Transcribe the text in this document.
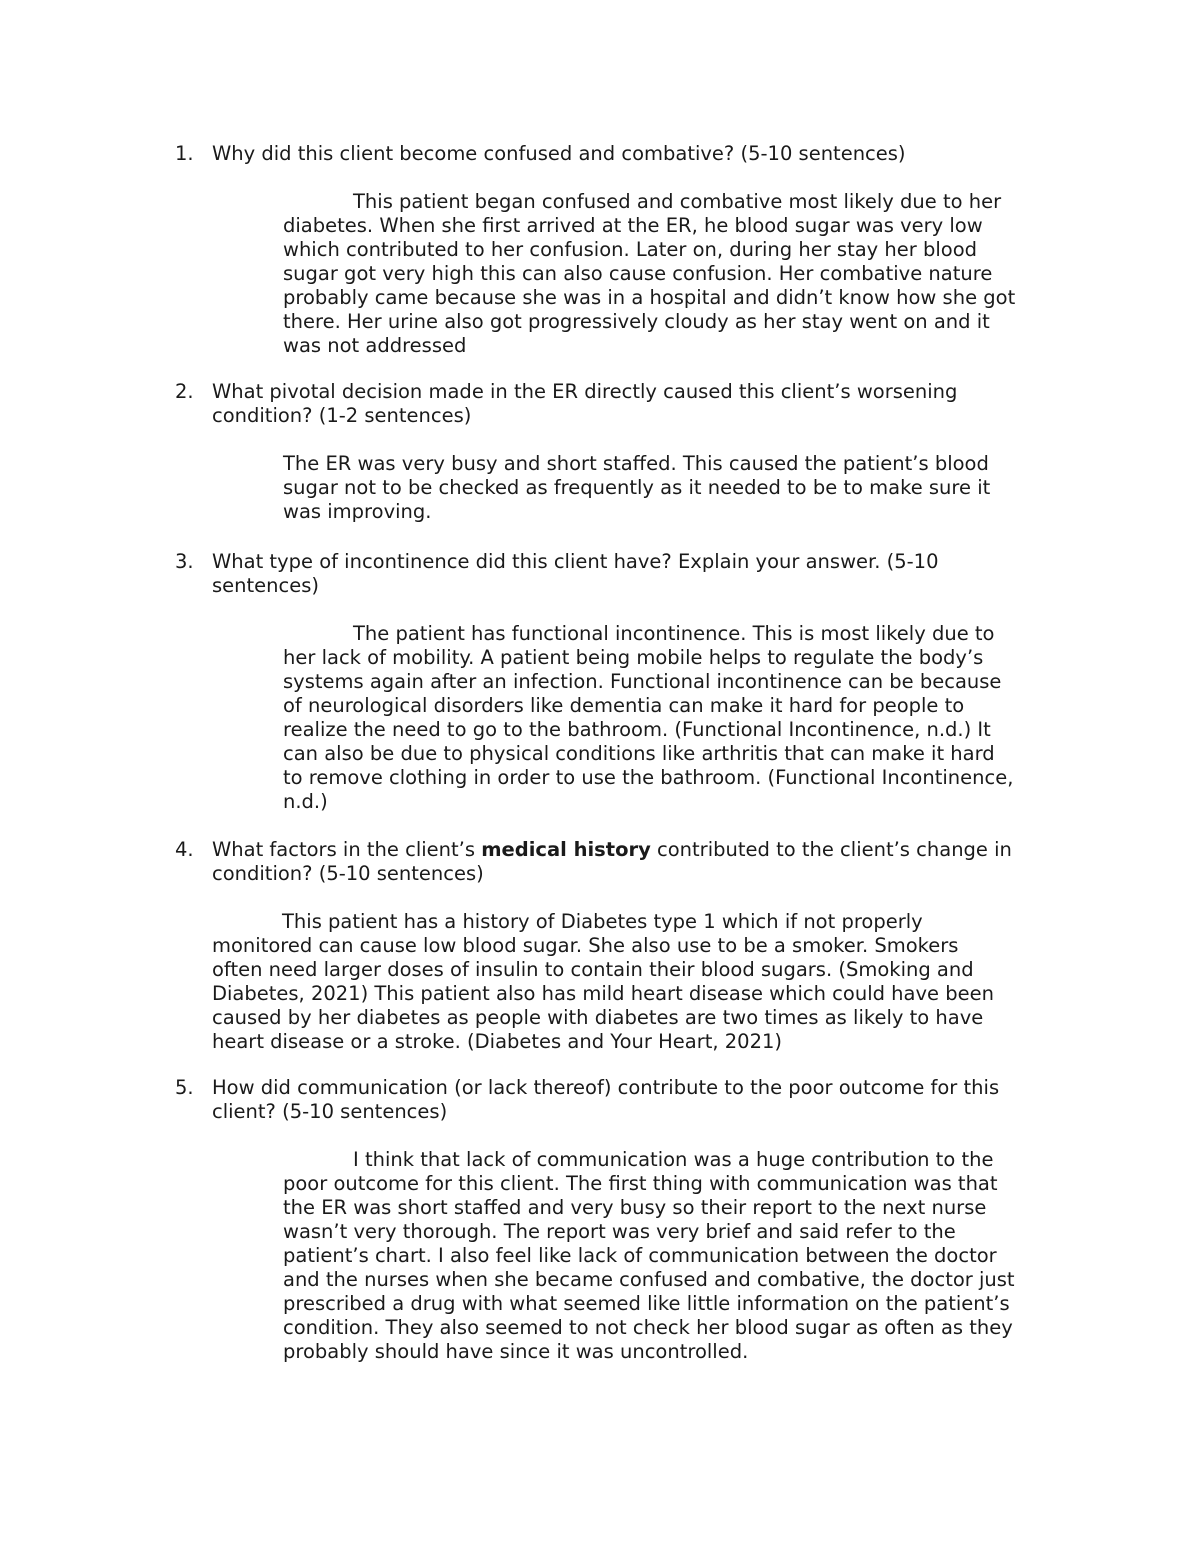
1. Why did this client become confused and combative? (5-10 sentences)
This patient began confused and combative most likely due to her
diabetes. When she first arrived at the ER, he blood sugar was very low
which contributed to her confusion. Later on, during her stay her blood
sugar got very high this can also cause confusion. Her combative nature
probably came because she was in a hospital and didn’t know how she got
there. Her urine also got progressively cloudy as her stay went on and it
was not addressed
2. What pivotal decision made in the ER directly caused this client’s worsening
condition? (1-2 sentences)
The ER was very busy and short staffed. This caused the patient’s blood
sugar not to be checked as frequently as it needed to be to make sure it
was improving.
3. What type of incontinence did this client have? Explain your answer. (5-10
sentences)
The patient has functional incontinence. This is most likely due to
her lack of mobility. A patient being mobile helps to regulate the body’s
systems again after an infection. Functional incontinence can be because
of neurological disorders like dementia can make it hard for people to
realize the need to go to the bathroom. (Functional Incontinence, n.d.) It
can also be due to physical conditions like arthritis that can make it hard
to remove clothing in order to use the bathroom. (Functional Incontinence,
n.d.)
4. What factors in the client’s medical history contributed to the client’s change in
condition? (5-10 sentences)
This patient has a history of Diabetes type 1 which if not properly
monitored can cause low blood sugar. She also use to be a smoker. Smokers
often need larger doses of insulin to contain their blood sugars. (Smoking and
Diabetes, 2021) This patient also has mild heart disease which could have been
caused by her diabetes as people with diabetes are two times as likely to have
heart disease or a stroke. (Diabetes and Your Heart, 2021)
5. How did communication (or lack thereof) contribute to the poor outcome for this
client? (5-10 sentences)
I think that lack of communication was a huge contribution to the
poor outcome for this client. The first thing with communication was that
the ER was short staffed and very busy so their report to the next nurse
wasn’t very thorough. The report was very brief and said refer to the
patient’s chart. I also feel like lack of communication between the doctor
and the nurses when she became confused and combative, the doctor just
prescribed a drug with what seemed like little information on the patient’s
condition. They also seemed to not check her blood sugar as often as they
probably should have since it was uncontrolled.
